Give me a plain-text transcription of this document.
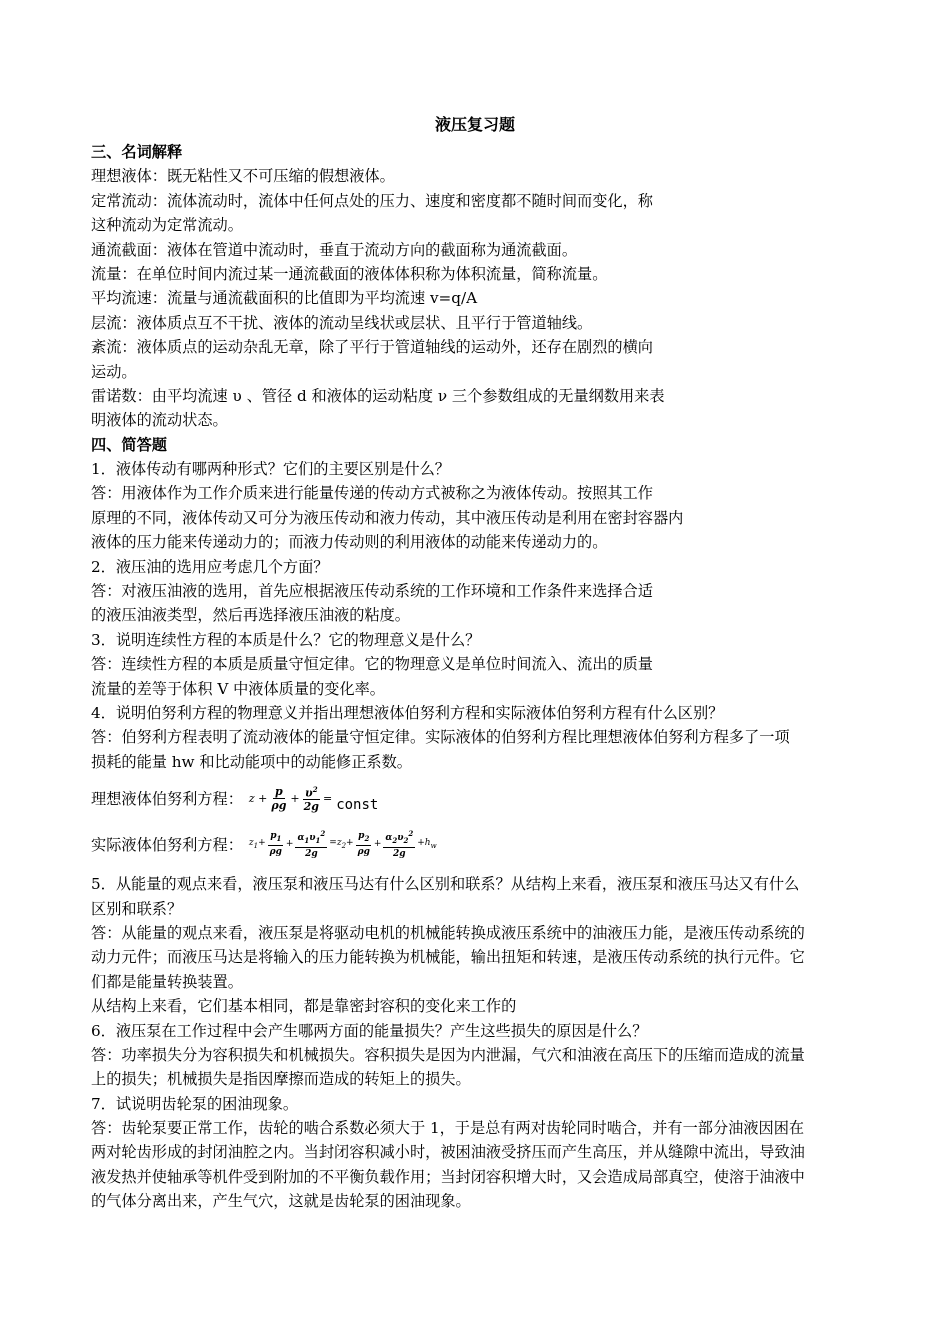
液压复习题
三、名词解释
理想液体：既无粘性又不可压缩的假想液体。
定常流动：流体流动时，流体中任何点处的压力、速度和密度都不随时间而变化，称
这种流动为定常流动。
通流截面：液体在管道中流动时，垂直于流动方向的截面称为通流截面。
流量：在单位时间内流过某一通流截面的液体体积称为体积流量，简称流量。
平均流速：流量与通流截面积的比值即为平均流速 v=q/A
层流：液体质点互不干扰、液体的流动呈线状或层状、且平行于管道轴线。
紊流：液体质点的运动杂乱无章，除了平行于管道轴线的运动外，还存在剧烈的横向
运动。
雷诺数：由平均流速 υ 、管径 d 和液体的运动粘度 ν 三个参数组成的无量纲数用来表
明液体的流动状态。
四、简答题
1．液体传动有哪两种形式？它们的主要区别是什么？
答：用液体作为工作介质来进行能量传递的传动方式被称之为液体传动。按照其工作
原理的不同，液体传动又可分为液压传动和液力传动，其中液压传动是利用在密封容器内
液体的压力能来传递动力的；而液力传动则的利用液体的动能来传递动力的。
2．液压油的选用应考虑几个方面？
答：对液压油液的选用，首先应根据液压传动系统的工作环境和工作条件来选择合适
的液压油液类型，然后再选择液压油液的粘度。
3．说明连续性方程的本质是什么？它的物理意义是什么？
答：连续性方程的本质是质量守恒定律。它的物理意义是单位时间流入、流出的质量
流量的差等于体积 V 中液体质量的变化率。
4．说明伯努利方程的物理意义并指出理想液体伯努利方程和实际液体伯努利方程有什么区别？
答：伯努利方程表明了流动液体的能量守恒定律。实际液体的伯努利方程比理想液体伯努利方程多了一项
损耗的能量 hw 和比动能项中的动能修正系数。
理想液体伯努利方程： $z + \frac{p}{\rho g} + \frac{\upsilon^2}{2g}$ = const
实际液体伯努利方程： $z_1+ \frac{p_1}{\rho g} + \frac{\alpha_1\upsilon_1^2}{2g} =z_2+ \frac{p_2}{\rho g} + \frac{\alpha_2\upsilon_2^2}{2g} +h_w$
5．从能量的观点来看，液压泵和液压马达有什么区别和联系？从结构上来看，液压泵和液压马达又有什么
区别和联系？
答：从能量的观点来看，液压泵是将驱动电机的机械能转换成液压系统中的油液压力能，是液压传动系统的
动力元件；而液压马达是将输入的压力能转换为机械能，输出扭矩和转速，是液压传动系统的执行元件。它
们都是能量转换装置。
从结构上来看，它们基本相同，都是靠密封容积的变化来工作的
6．液压泵在工作过程中会产生哪两方面的能量损失？产生这些损失的原因是什么？
答：功率损失分为容积损失和机械损失。容积损失是因为内泄漏，气穴和油液在高压下的压缩而造成的流量
上的损失；机械损失是指因摩擦而造成的转矩上的损失。
7．试说明齿轮泵的困油现象。
答：齿轮泵要正常工作，齿轮的啮合系数必须大于 1，于是总有两对齿轮同时啮合，并有一部分油液因困在
两对轮齿形成的封闭油腔之内。当封闭容积减小时，被困油液受挤压而产生高压，并从缝隙中流出，导致油
液发热并使轴承等机件受到附加的不平衡负载作用；当封闭容积增大时，又会造成局部真空，使溶于油液中
的气体分离出来，产生气穴，这就是齿轮泵的困油现象。
